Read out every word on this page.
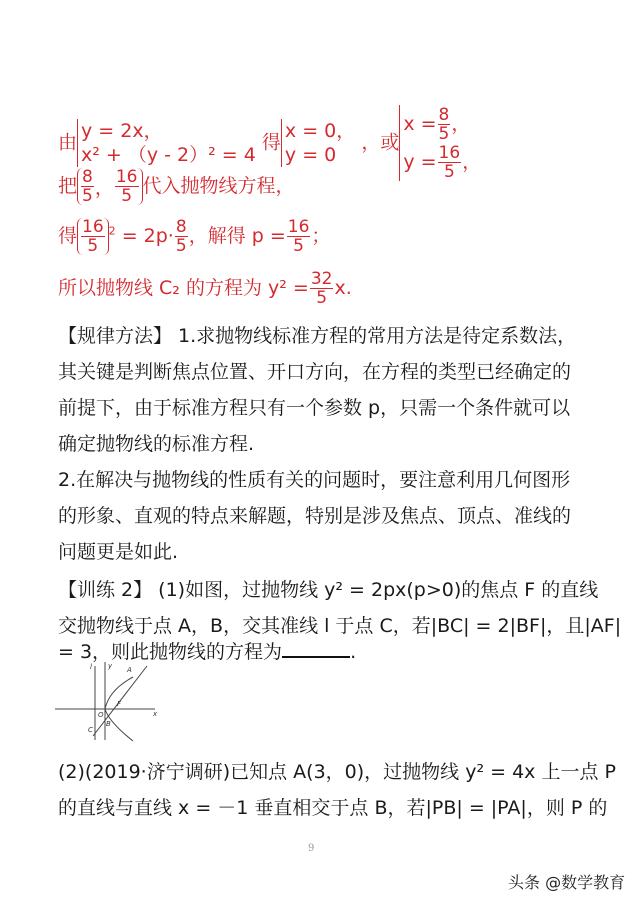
由
y = 2x，
x² + （y - 2）² = 4
得
x = 0，
y = 0
，或
$x = \frac{8}{5}$ ，
$y = \frac{16}{5}$ ，
把 $\frac{8}{5}$ ， $\frac{16}{5}$ 代入抛物线方程，
得 $\frac{16}{5} ^2 = 2p\cdot \frac{8}{5}$ ，解得 $p = \frac{16}{5}$ ；
所以抛物线 C₂ 的方程为 $y^2 = \frac{32}{5} x$.
【规律方法】 1.求抛物线标准方程的常用方法是待定系数法，
其关键是判断焦点位置、开口方向，在方程的类型已经确定的
前提下，由于标准方程只有一个参数 p，只需一个条件就可以
确定抛物线的标准方程.
2.在解决与抛物线的性质有关的问题时，要注意利用几何图形
的形象、直观的特点来解题，特别是涉及焦点、顶点、准线的
问题更是如此.
【训练 2】 (1)如图，过抛物线 y² = 2px(p>0)的焦点 F 的直线
交抛物线于点 A，B，交其准线 l 于点 C，若|BC| = 2|BF|，且|AF|
= 3，则此抛物线的方程为	.
y
x
l	A
F
O
B
C
(2)(2019·济宁调研)已知点 A(3，0)，过抛物线 y² = 4x 上一点 P
的直线与直线 x = －1 垂直相交于点 B，若|PB| = |PA|，则 P 的
9
头条 @数学教育
